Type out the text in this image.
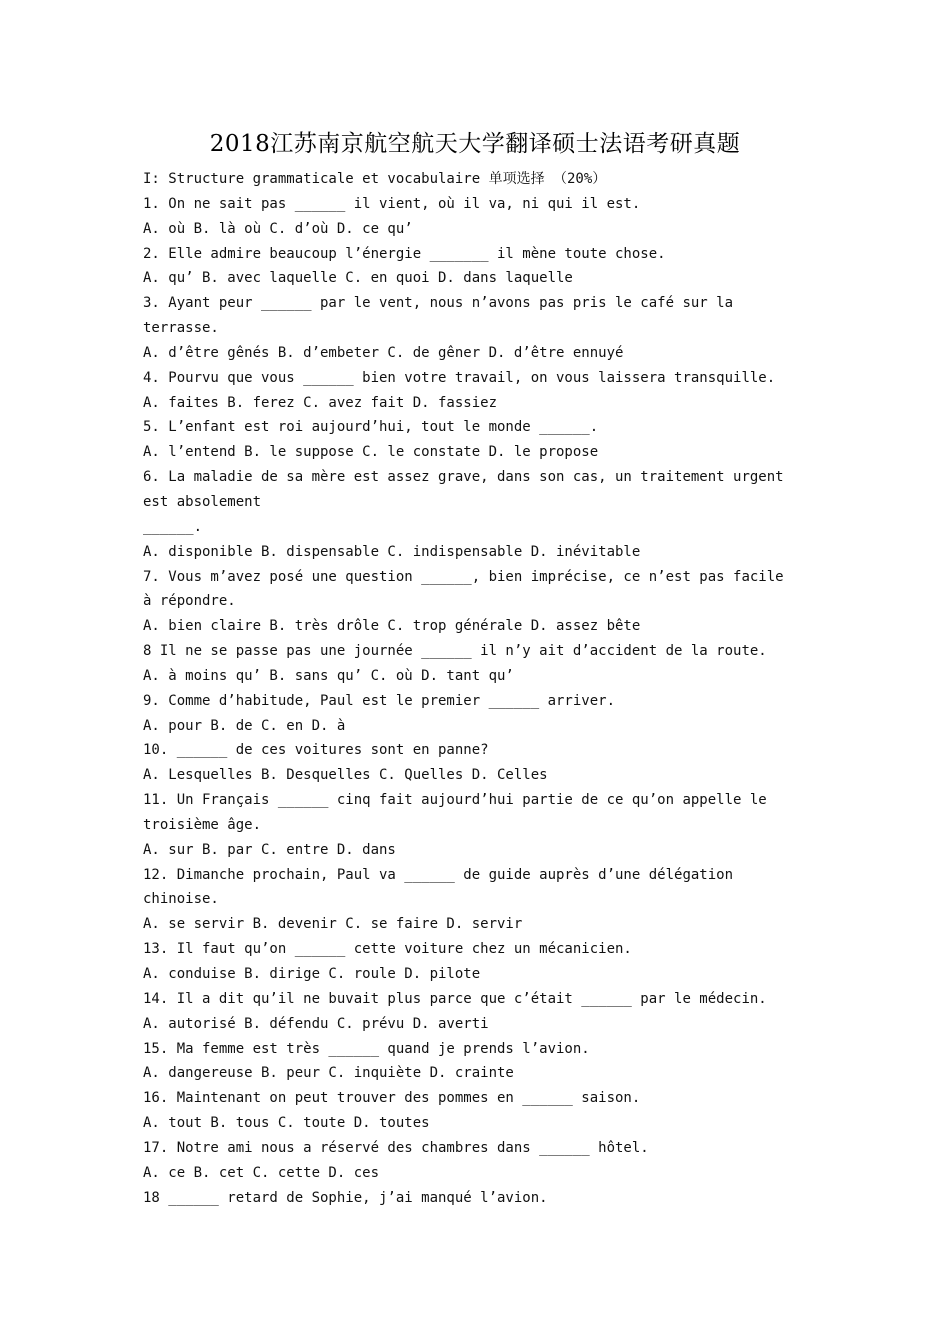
2018江苏南京航空航天大学翻译硕士法语考研真题
I: Structure grammaticale et vocabulaire 单项选择 （20%）
1. On ne sait pas ______ il vient, où il va, ni qui il est.
A. où B. là où C. d’où D. ce qu’
2. Elle admire beaucoup l’énergie _______ il mène toute chose.
A. qu’ B. avec laquelle C. en quoi D. dans laquelle
3. Ayant peur ______ par le vent, nous n’avons pas pris le café sur la
terrasse.
A. d’être gênés B. d’embeter C. de gêner D. d’être ennuyé
4. Pourvu que vous ______ bien votre travail, on vous laissera transquille.
A. faites B. ferez C. avez fait D. fassiez
5. L’enfant est roi aujourd’hui, tout le monde ______.
A. l’entend B. le suppose C. le constate D. le propose
6. La maladie de sa mère est assez grave, dans son cas, un traitement urgent
est absolement
______.
A. disponible B. dispensable C. indispensable D. inévitable
7. Vous m’avez posé une question ______, bien imprécise, ce n’est pas facile
à répondre.
A. bien claire B. très drôle C. trop générale D. assez bête
8 Il ne se passe pas une journée ______ il n’y ait d’accident de la route.
A. à moins qu’ B. sans qu’ C. où D. tant qu’
9. Comme d’habitude, Paul est le premier ______ arriver.
A. pour B. de C. en D. à
10. ______ de ces voitures sont en panne?
A. Lesquelles B. Desquelles C. Quelles D. Celles
11. Un Français ______ cinq fait aujourd’hui partie de ce qu’on appelle le
troisième âge.
A. sur B. par C. entre D. dans
12. Dimanche prochain, Paul va ______ de guide auprès d’une délégation
chinoise.
A. se servir B. devenir C. se faire D. servir
13. Il faut qu’on ______ cette voiture chez un mécanicien.
A. conduise B. dirige C. roule D. pilote
14. Il a dit qu’il ne buvait plus parce que c’était ______ par le médecin.
A. autorisé B. défendu C. prévu D. averti
15. Ma femme est très ______ quand je prends l’avion.
A. dangereuse B. peur C. inquiète D. crainte
16. Maintenant on peut trouver des pommes en ______ saison.
A. tout B. tous C. toute D. toutes
17. Notre ami nous a réservé des chambres dans ______ hôtel.
A. ce B. cet C. cette D. ces
18 ______ retard de Sophie, j’ai manqué l’avion.
